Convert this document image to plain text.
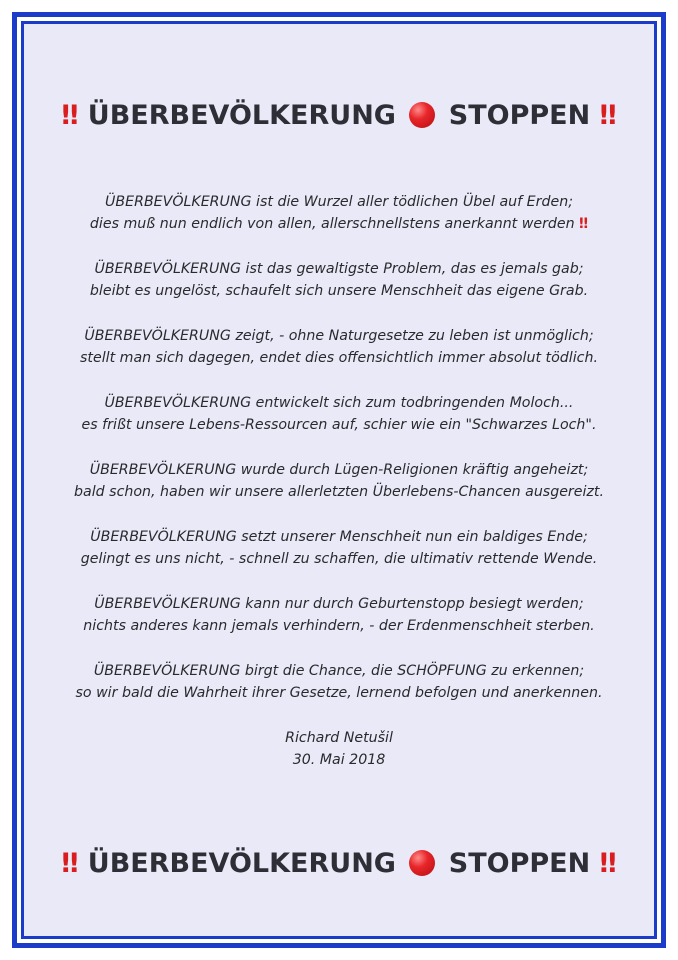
‼ ÜBERBEVÖLKERUNG STOPPEN ‼
ÜBERBEVÖLKERUNG ist die Wurzel aller tödlichen Übel auf Erden;
dies muß nun endlich von allen, allerschnellstens anerkannt werden ‼
ÜBERBEVÖLKERUNG ist das gewaltigste Problem, das es jemals gab;
bleibt es ungelöst, schaufelt sich unsere Menschheit das eigene Grab.
ÜBERBEVÖLKERUNG zeigt, - ohne Naturgesetze zu leben ist unmöglich;
stellt man sich dagegen, endet dies offensichtlich immer absolut tödlich.
ÜBERBEVÖLKERUNG entwickelt sich zum todbringenden Moloch...
es frißt unsere Lebens-Ressourcen auf, schier wie ein "Schwarzes Loch".
ÜBERBEVÖLKERUNG wurde durch Lügen-Religionen kräftig angeheizt;
bald schon, haben wir unsere allerletzten Überlebens-Chancen ausgereizt.
ÜBERBEVÖLKERUNG setzt unserer Menschheit nun ein baldiges Ende;
gelingt es uns nicht, - schnell zu schaffen, die ultimativ rettende Wende.
ÜBERBEVÖLKERUNG kann nur durch Geburtenstopp besiegt werden;
nichts anderes kann jemals verhindern, - der Erdenmenschheit sterben.
ÜBERBEVÖLKERUNG birgt die Chance, die SCHÖPFUNG zu erkennen;
so wir bald die Wahrheit ihrer Gesetze, lernend befolgen und anerkennen.
Richard Netušil
30. Mai 2018
‼ ÜBERBEVÖLKERUNG STOPPEN ‼
